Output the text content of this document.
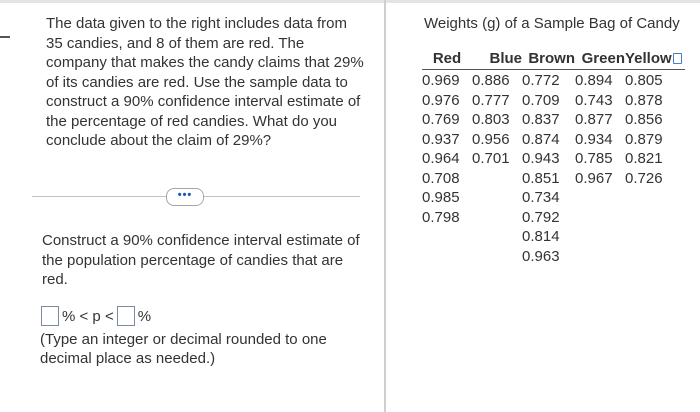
The data given to the right includes data from 35 candies, and 8 of them are red. The company that makes the candy claims that 29% of its candies are red. Use the sample data to construct a 90% confidence interval estimate of the percentage of red candies. What do you conclude about the claim of 29%?
•••
Construct a 90% confidence interval estimate of the population percentage of candies that are red.
% < p < %
(Type an integer or decimal rounded to one decimal place as needed.)
Weights (g) of a Sample Bag of Candy
Red	Blue Brown Green Yellow
0.969
0.976
0.769
0.937
0.964
0.708
0.985
0.798
0.886
0.777
0.803
0.956
0.701
0.772
0.709
0.837
0.874
0.943
0.851
0.734
0.792
0.814
0.963
0.894
0.743
0.877
0.934
0.785
0.967
0.805
0.878
0.856
0.879
0.821
0.726
